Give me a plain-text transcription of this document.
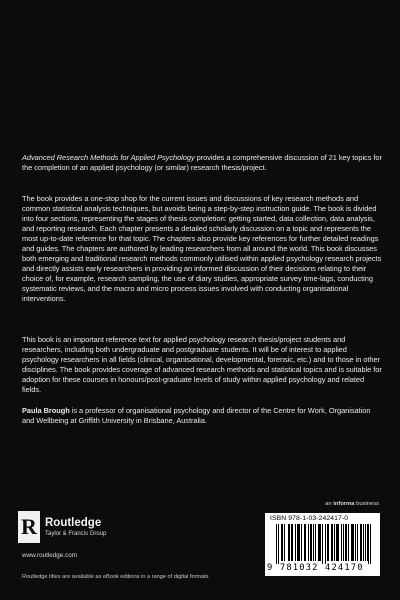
Advanced Research Methods for Applied Psychology provides a comprehensive discussion of 21 key topics for the completion of an applied psychology (or similar) research thesis/project.

The book provides a one-stop shop for the current issues and discussions of key research methods and common statistical analysis techniques, but avoids being a step-by-step instruction guide. The book is divided into four sections, representing the stages of thesis completion: getting started, data collection, data analysis, and reporting research. Each chapter presents a detailed scholarly discussion on a topic and represents the most up-to-date reference for that topic. The chapters also provide key references for further detailed readings and guides. The chapters are authored by leading researchers from all around the world. This book discusses both emerging and traditional research methods commonly utilised within applied psychology research projects and directly assists early researchers in providing an informed discussion of their decisions relating to their choice of, for example, research sampling, the use of diary studies, appropriate survey time-lags, conducting systematic reviews, and the macro and micro process issues involved with conducting organisational interventions.

This book is an important reference text for applied psychology research thesis/project students and researchers, including both undergraduate and postgraduate students. It will be of interest to applied psychology researchers in all fields (clinical, organisational, developmental, forensic, etc.) and to those in other disciplines. The book provides coverage of advanced research methods and statistical topics and is suitable for adoption for these courses in honours/post-graduate levels of study within applied psychology and related fields.

Paula Brough is a professor of organisational psychology and director of the Centre for Work, Organisation and Wellbeing at Griffith University in Brisbane, Australia.

R Routledge
Taylor & Francis Group
www.routledge.com
Routledge titles are available as eBook editions in a range of digital formats
an informa business
ISBN 978-1-03-242417-0
9 781032 424170
